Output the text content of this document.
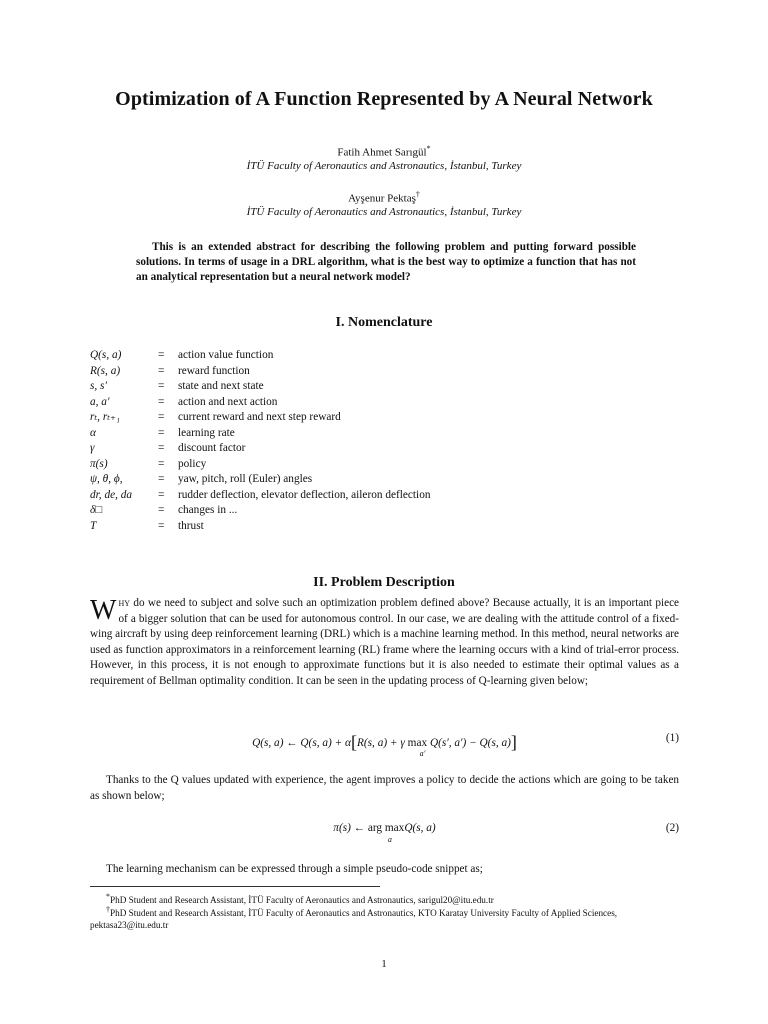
Optimization of A Function Represented by A Neural Network
Fatih Ahmet Sarıgül*
İTÜ Faculty of Aeronautics and Astronautics, İstanbul, Turkey
Ayşenur Pektaş†
İTÜ Faculty of Aeronautics and Astronautics, İstanbul, Turkey
This is an extended abstract for describing the following problem and putting forward possible solutions. In terms of usage in a DRL algorithm, what is the best way to optimize a function that has not an analytical representation but a neural network model?
I. Nomenclature
Q(s, a)	= action value function
R(s, a)	= reward function
s, s′	= state and next state
a, a′	= action and next action
rₜ, rₜ₊₁	= current reward and next step reward
α	= learning rate
γ	= discount factor
π(s)	= policy
ψ, θ, ϕ,	= yaw, pitch, roll (Euler) angles
dr, de, da = rudder deflection, elevator deflection, aileron deflection
δ□	= changes in ...
T	= thrust
II. Problem Description
Why do we need to subject and solve such an optimization problem defined above? Because actually, it is an important piece of a bigger solution that can be used for autonomous control. In our case, we are dealing with the attitude control of a fixed-wing aircraft by using deep reinforcement learning (DRL) which is a machine learning method. In this method, neural networks are used as function approximators in a reinforcement learning (RL) frame where the learning occurs with a kind of trial-error process. However, in this process, it is not enough to approximate functions but it is also needed to estimate their optimal values as a requirement of Bellman optimality condition. It can be seen in the updating process of Q-learning given below;
Q(s, a) ← Q(s, a) + α[R(s, a) + γ max
a′
Q(s′, a′) − Q(s, a)]	(1)
Thanks to the Q values updated with experience, the agent improves a policy to decide the actions which are going to be taken as shown below;
π(s) ← arg max
a
Q(s, a)	(2)
The learning mechanism can be expressed through a simple pseudo-code snippet as;
*PhD Student and Research Assistant, İTÜ Faculty of Aeronautics and Astronautics, sarigul20@itu.edu.tr
†PhD Student and Research Assistant, İTÜ Faculty of Aeronautics and Astronautics, KTO Karatay University Faculty of Applied Sciences, pektasa23@itu.edu.tr
1
